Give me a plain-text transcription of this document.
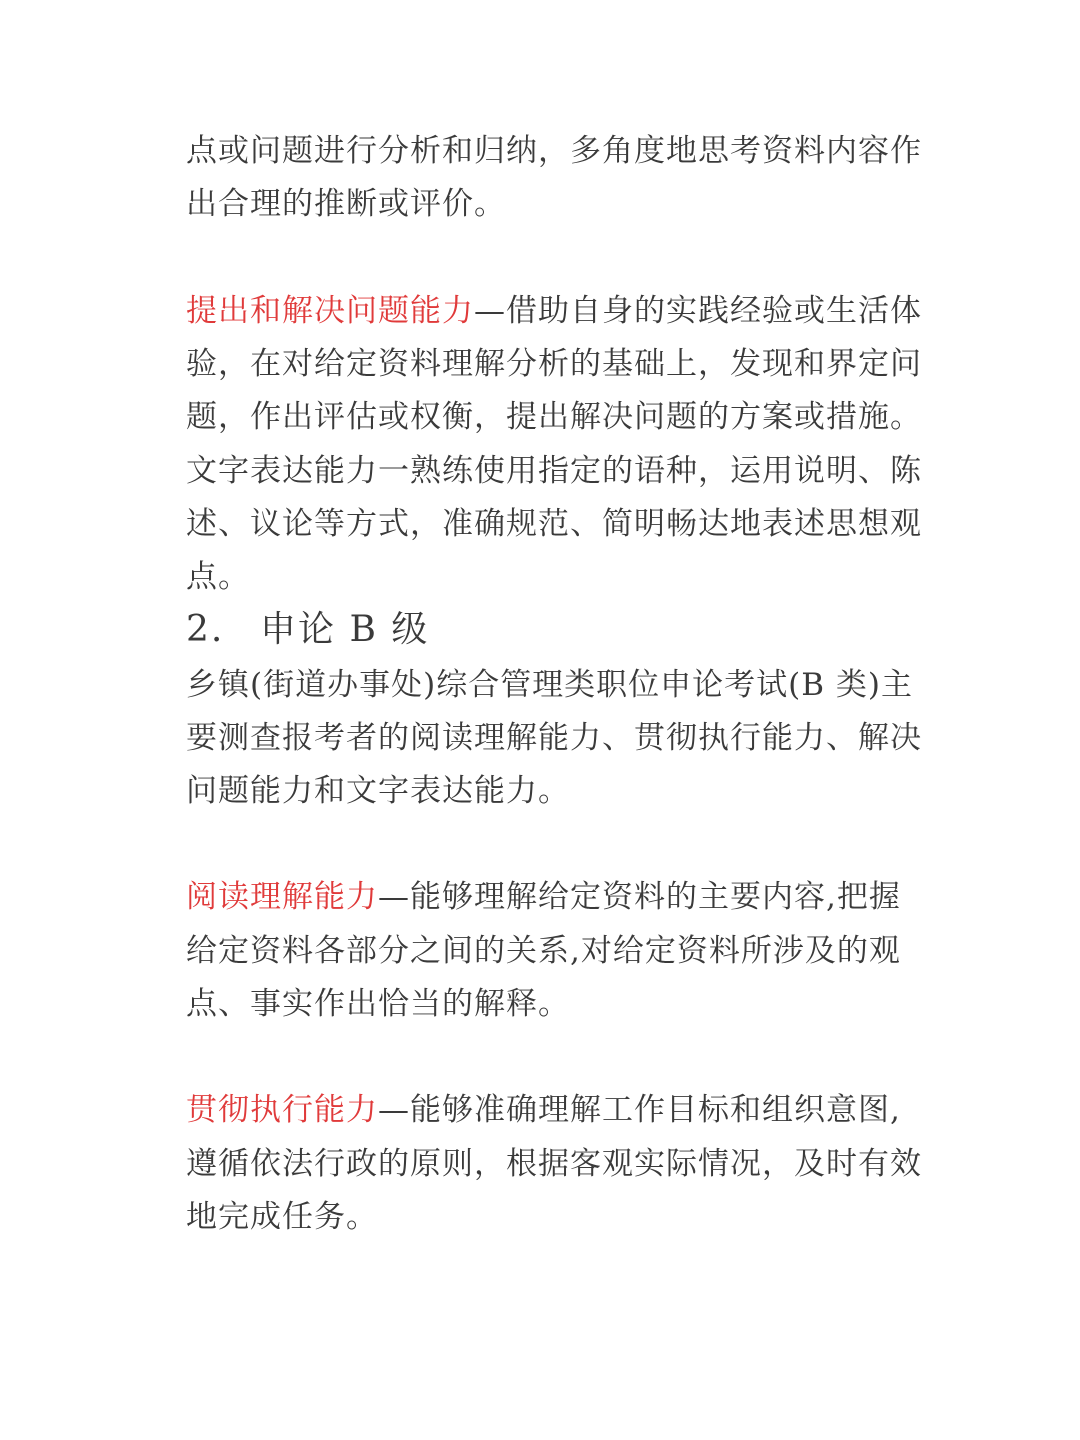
点或问题进行分析和归纳，多角度地思考资料内容作
出合理的推断或评价。
提出和解决问题能力—借助自身的实践经验或生活体
验，在对给定资料理解分析的基础上，发现和界定问
题，作出评估或权衡，提出解决问题的方案或措施。
文字表达能力一熟练使用指定的语种，运用说明、陈
述、议论等方式，准确规范、简明畅达地表述思想观
点。
2. 申论 B 级
乡镇(街道办事处)综合管理类职位申论考试(B 类)主
要测查报考者的阅读理解能力、贯彻执行能力、解决
问题能力和文字表达能力。
阅读理解能力—能够理解给定资料的主要内容,把握
给定资料各部分之间的关系,对给定资料所涉及的观
点、事实作出恰当的解释。
贯彻执行能力—能够准确理解工作目标和组织意图,
遵循依法行政的原则，根据客观实际情况，及时有效
地完成任务。
